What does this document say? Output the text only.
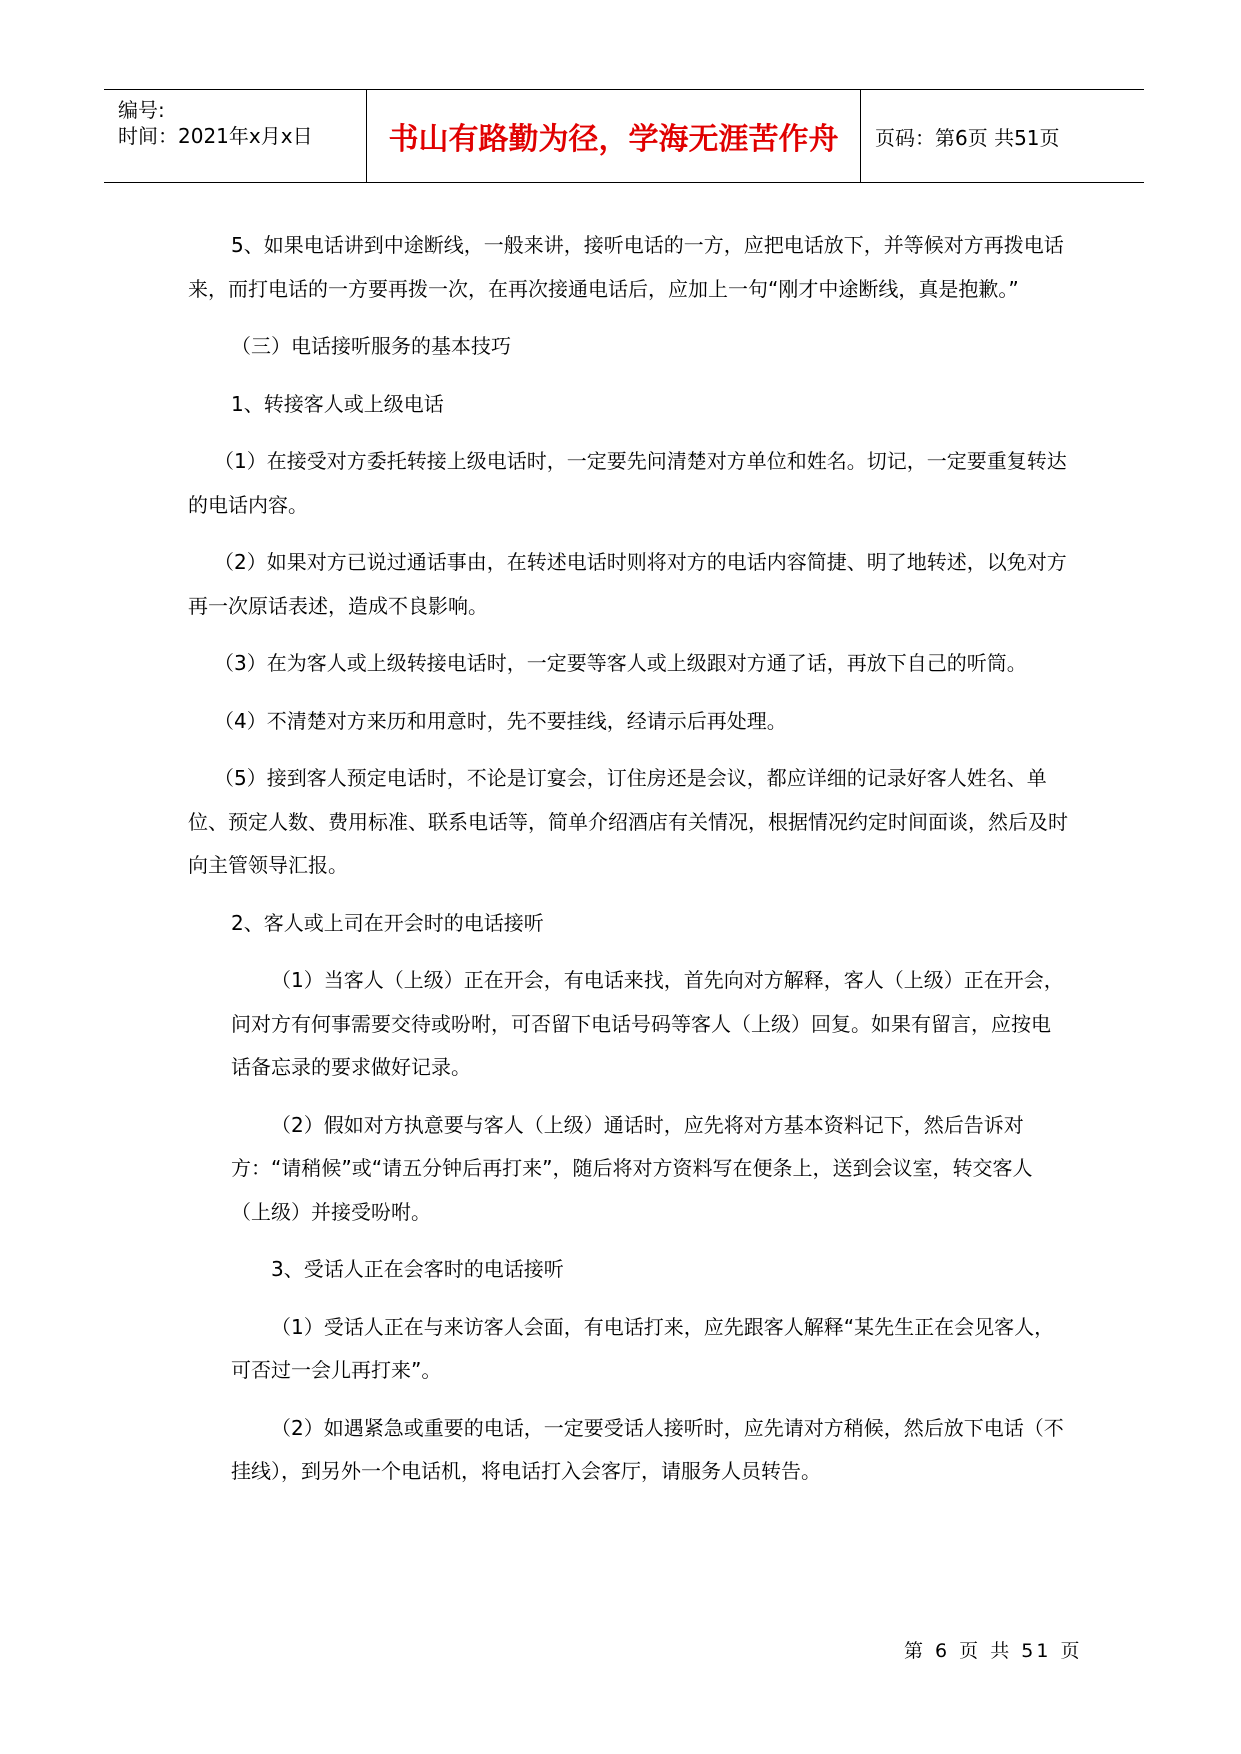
编号:
时间：2021年x月x日	书山有路勤为径，学海无涯苦作舟	页码：第6页 共51页

5、如果电话讲到中途断线，一般来讲，接听电话的一方，应把电话放下，并等候对方再拨电话来，而打电话的一方要再拨一次，在再次接通电话后，应加上一句“刚才中途断线，真是抱歉。”

（三）电话接听服务的基本技巧

1、转接客人或上级电话

（1）在接受对方委托转接上级电话时，一定要先问清楚对方单位和姓名。切记，一定要重复转达的电话内容。

（2）如果对方已说过通话事由，在转述电话时则将对方的电话内容简捷、明了地转述，以免对方再一次原话表述，造成不良影响。

（3）在为客人或上级转接电话时，一定要等客人或上级跟对方通了话，再放下自己的听筒。

（4）不清楚对方来历和用意时，先不要挂线，经请示后再处理。

（5）接到客人预定电话时，不论是订宴会，订住房还是会议，都应详细的记录好客人姓名、单位、预定人数、费用标准、联系电话等，简单介绍酒店有关情况，根据情况约定时间面谈，然后及时向主管领导汇报。

2、客人或上司在开会时的电话接听

（1）当客人（上级）正在开会，有电话来找，首先向对方解释，客人（上级）正在开会，问对方有何事需要交待或吩咐，可否留下电话号码等客人（上级）回复。如果有留言，应按电话备忘录的要求做好记录。

（2）假如对方执意要与客人（上级）通话时，应先将对方基本资料记下，然后告诉对方：“请稍候”或“请五分钟后再打来”，随后将对方资料写在便条上，送到会议室，转交客人（上级）并接受吩咐。

3、受话人正在会客时的电话接听

（1）受话人正在与来访客人会面，有电话打来，应先跟客人解释“某先生正在会见客人，可否过一会儿再打来”。

（2）如遇紧急或重要的电话，一定要受话人接听时，应先请对方稍候，然后放下电话（不挂线），到另外一个电话机，将电话打入会客厅，请服务人员转告。

第 6 页 共 51 页
